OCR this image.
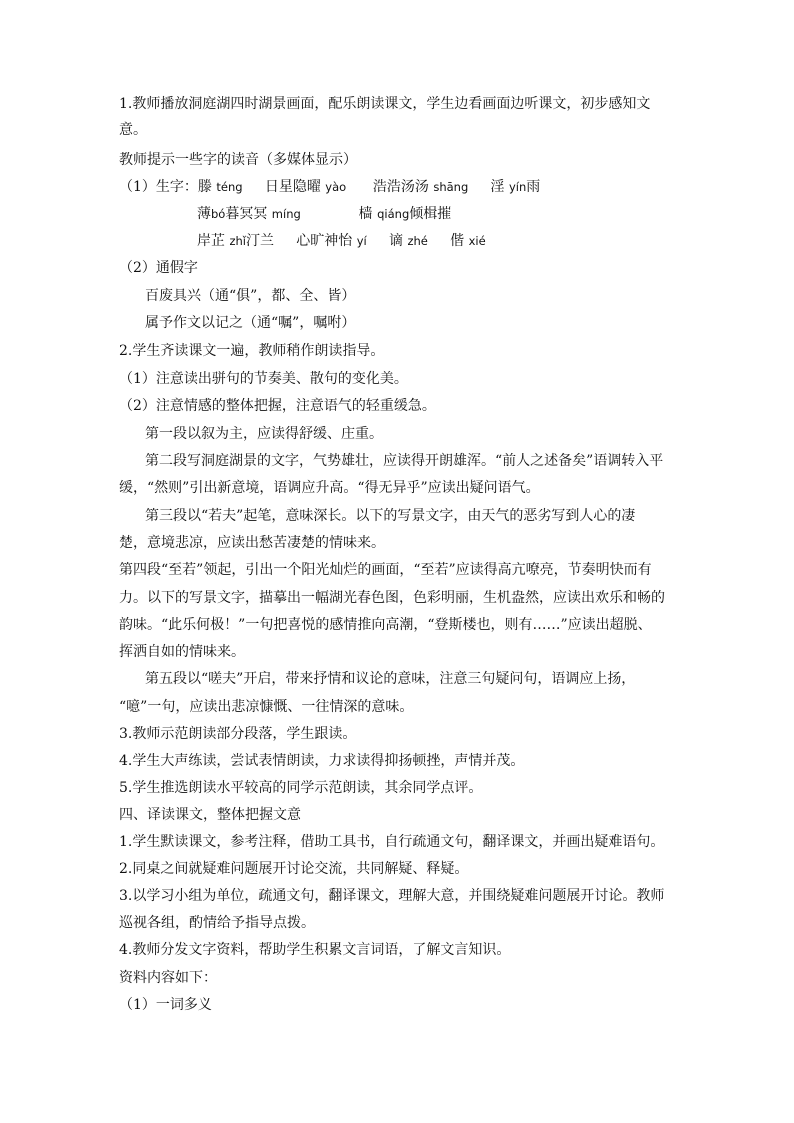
1.教师播放洞庭湖四时湖景画面，配乐朗读课文，学生边看画面边听课文，初步感知文
意。
教师提示一些字的读音（多媒体显示）
（1）生字：滕 téng 日星隐曜 yào 浩浩汤汤 shāng 淫 yín雨
薄bó暮冥冥 míng	樯 qiáng倾楫摧
岸芷 zhǐ汀兰 心旷神怡 yí 谪 zhé 偕 xié
（2）通假字
百废具兴（通“俱”，都、全、皆）
属予作文以记之（通“嘱”，嘱咐）
2.学生齐读课文一遍，教师稍作朗读指导。
（1）注意读出骈句的节奏美、散句的变化美。
（2）注意情感的整体把握，注意语气的轻重缓急。
第一段以叙为主，应读得舒缓、庄重。
第二段写洞庭湖景的文字，气势雄壮，应读得开朗雄浑。“前人之述备矣”语调转入平
缓，“然则”引出新意境，语调应升高。“得无异乎”应读出疑问语气。
第三段以“若夫”起笔，意味深长。以下的写景文字，由天气的恶劣写到人心的凄
楚，意境悲凉，应读出愁苦凄楚的情味来。
第四段“至若”领起，引出一个阳光灿烂的画面，“至若”应读得高亢嘹亮，节奏明快而有
力。以下的写景文字，描摹出一幅湖光春色图，色彩明丽，生机盎然，应读出欢乐和畅的
韵味。“此乐何极！”一句把喜悦的感情推向高潮，“登斯楼也，则有……”应读出超脱、
挥洒自如的情味来。
第五段以“嗟夫”开启，带来抒情和议论的意味，注意三句疑问句，语调应上扬，
“噫”一句，应读出悲凉慷慨、一往情深的意味。
3.教师示范朗读部分段落，学生跟读。
4.学生大声练读，尝试表情朗读，力求读得抑扬顿挫，声情并茂。
5.学生推选朗读水平较高的同学示范朗读，其余同学点评。
四、译读课文，整体把握文意
1.学生默读课文，参考注释，借助工具书，自行疏通文句，翻译课文，并画出疑难语句。
2.同桌之间就疑难问题展开讨论交流，共同解疑、释疑。
3.以学习小组为单位，疏通文句，翻译课文，理解大意，并围绕疑难问题展开讨论。教师
巡视各组，酌情给予指导点拨。
4.教师分发文字资料，帮助学生积累文言词语，了解文言知识。
资料内容如下：
（1）一词多义
